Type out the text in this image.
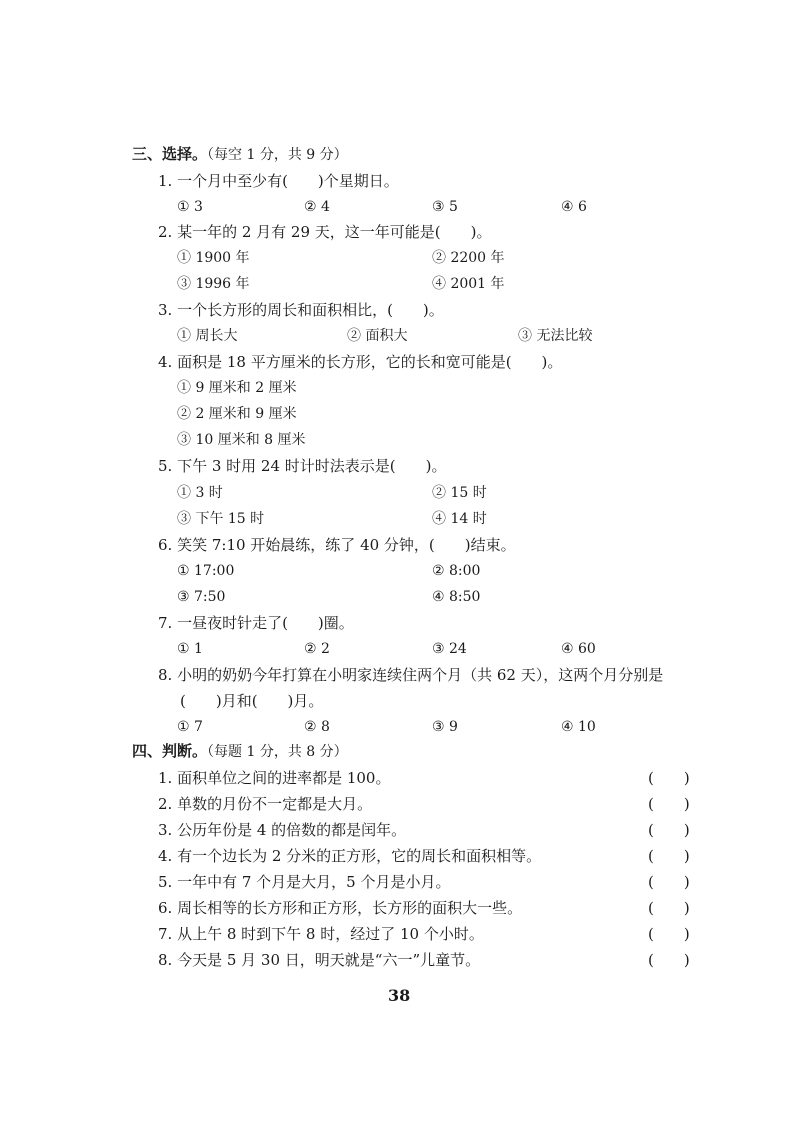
三、选择。（每空 1 分，共 9 分）
1. 一个月中至少有(　　)个星期日。
① 3	② 4	③ 5	④ 6
2. 某一年的 2 月有 29 天，这一年可能是(　　)。
① 1900 年	② 2200 年
③ 1996 年	④ 2001 年
3. 一个长方形的周长和面积相比，(　　)。
① 周长大	② 面积大	③ 无法比较
4. 面积是 18 平方厘米的长方形，它的长和宽可能是(　　)。
① 9 厘米和 2 厘米
② 2 厘米和 9 厘米
③ 10 厘米和 8 厘米
5. 下午 3 时用 24 时计时法表示是(　　)。
① 3 时	② 15 时
③ 下午 15 时	④ 14 时
6. 笑笑 7:10 开始晨练，练了 40 分钟，(　　)结束。
① 17:00	② 8:00
③ 7:50	④ 8:50
7. 一昼夜时针走了(　　)圈。
① 1	② 2	③ 24	④ 60
8. 小明的奶奶今年打算在小明家连续住两个月（共 62 天），这两个月分别是
(　　)月和(　　)月。
① 7	② 8	③ 9	④ 10
四、判断。（每题 1 分，共 8 分）
1. 面积单位之间的进率都是 100。	(　　)
2. 单数的月份不一定都是大月。	(　　)
3. 公历年份是 4 的倍数的都是闰年。	(　　)
4. 有一个边长为 2 分米的正方形，它的周长和面积相等。	(　　)
5. 一年中有 7 个月是大月，5 个月是小月。	(　　)
6. 周长相等的长方形和正方形，长方形的面积大一些。	(　　)
7. 从上午 8 时到下午 8 时，经过了 10 个小时。	(　　)
8. 今天是 5 月 30 日，明天就是“六一”儿童节。	(　　)
38
